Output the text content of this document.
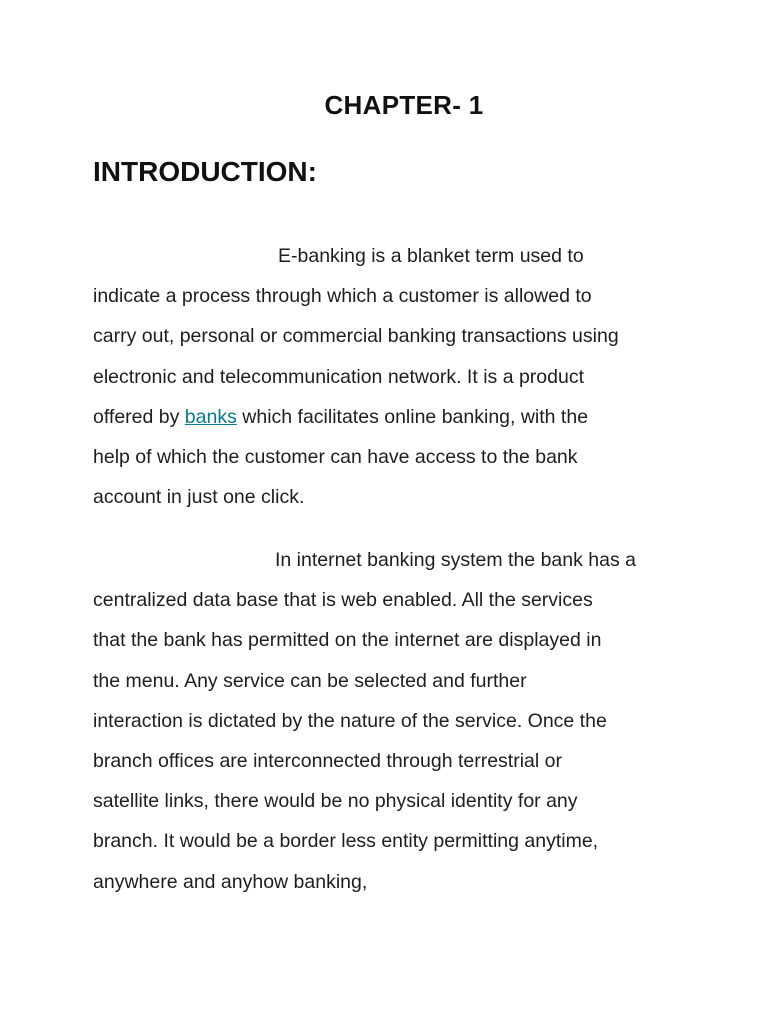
CHAPTER- 1
INTRODUCTION:
E-banking is a blanket term used to
indicate a process through which a customer is allowed to
carry out, personal or commercial banking transactions using
electronic and telecommunication network. It is a product
offered by banks which facilitates online banking, with the
help of which the customer can have access to the bank
account in just one click.
In internet banking system the bank has a
centralized data base that is web enabled. All the services
that the bank has permitted on the internet are displayed in
the menu. Any service can be selected and further
interaction is dictated by the nature of the service. Once the
branch offices are interconnected through terrestrial or
satellite links, there would be no physical identity for any
branch. It would be a border less entity permitting anytime,
anywhere and anyhow banking,
